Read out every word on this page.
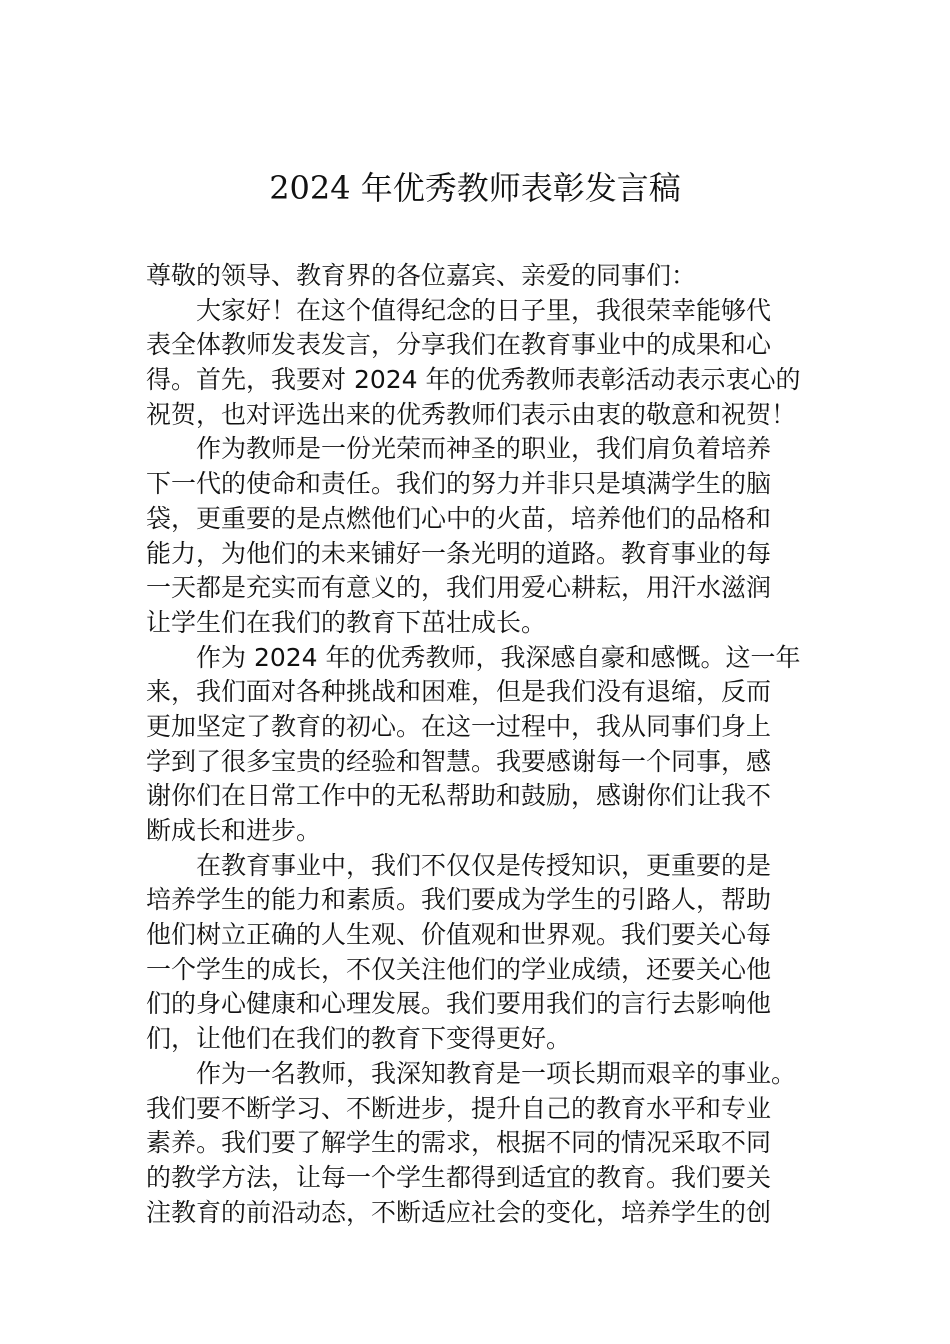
2024 年优秀教师表彰发言稿
尊敬的领导、教育界的各位嘉宾、亲爱的同事们：
大家好！在这个值得纪念的日子里，我很荣幸能够代
表全体教师发表发言，分享我们在教育事业中的成果和心
得。首先，我要对 2024 年的优秀教师表彰活动表示衷心的
祝贺，也对评选出来的优秀教师们表示由衷的敬意和祝贺！
作为教师是一份光荣而神圣的职业，我们肩负着培养
下一代的使命和责任。我们的努力并非只是填满学生的脑
袋，更重要的是点燃他们心中的火苗，培养他们的品格和
能力，为他们的未来铺好一条光明的道路。教育事业的每
一天都是充实而有意义的，我们用爱心耕耘，用汗水滋润
让学生们在我们的教育下茁壮成长。
作为 2024 年的优秀教师，我深感自豪和感慨。这一年
来，我们面对各种挑战和困难，但是我们没有退缩，反而
更加坚定了教育的初心。在这一过程中，我从同事们身上
学到了很多宝贵的经验和智慧。我要感谢每一个同事，感
谢你们在日常工作中的无私帮助和鼓励，感谢你们让我不
断成长和进步。
在教育事业中，我们不仅仅是传授知识，更重要的是
培养学生的能力和素质。我们要成为学生的引路人，帮助
他们树立正确的人生观、价值观和世界观。我们要关心每
一个学生的成长，不仅关注他们的学业成绩，还要关心他
们的身心健康和心理发展。我们要用我们的言行去影响他
们，让他们在我们的教育下变得更好。
作为一名教师，我深知教育是一项长期而艰辛的事业。
我们要不断学习、不断进步，提升自己的教育水平和专业
素养。我们要了解学生的需求，根据不同的情况采取不同
的教学方法，让每一个学生都得到适宜的教育。我们要关
注教育的前沿动态，不断适应社会的变化，培养学生的创
